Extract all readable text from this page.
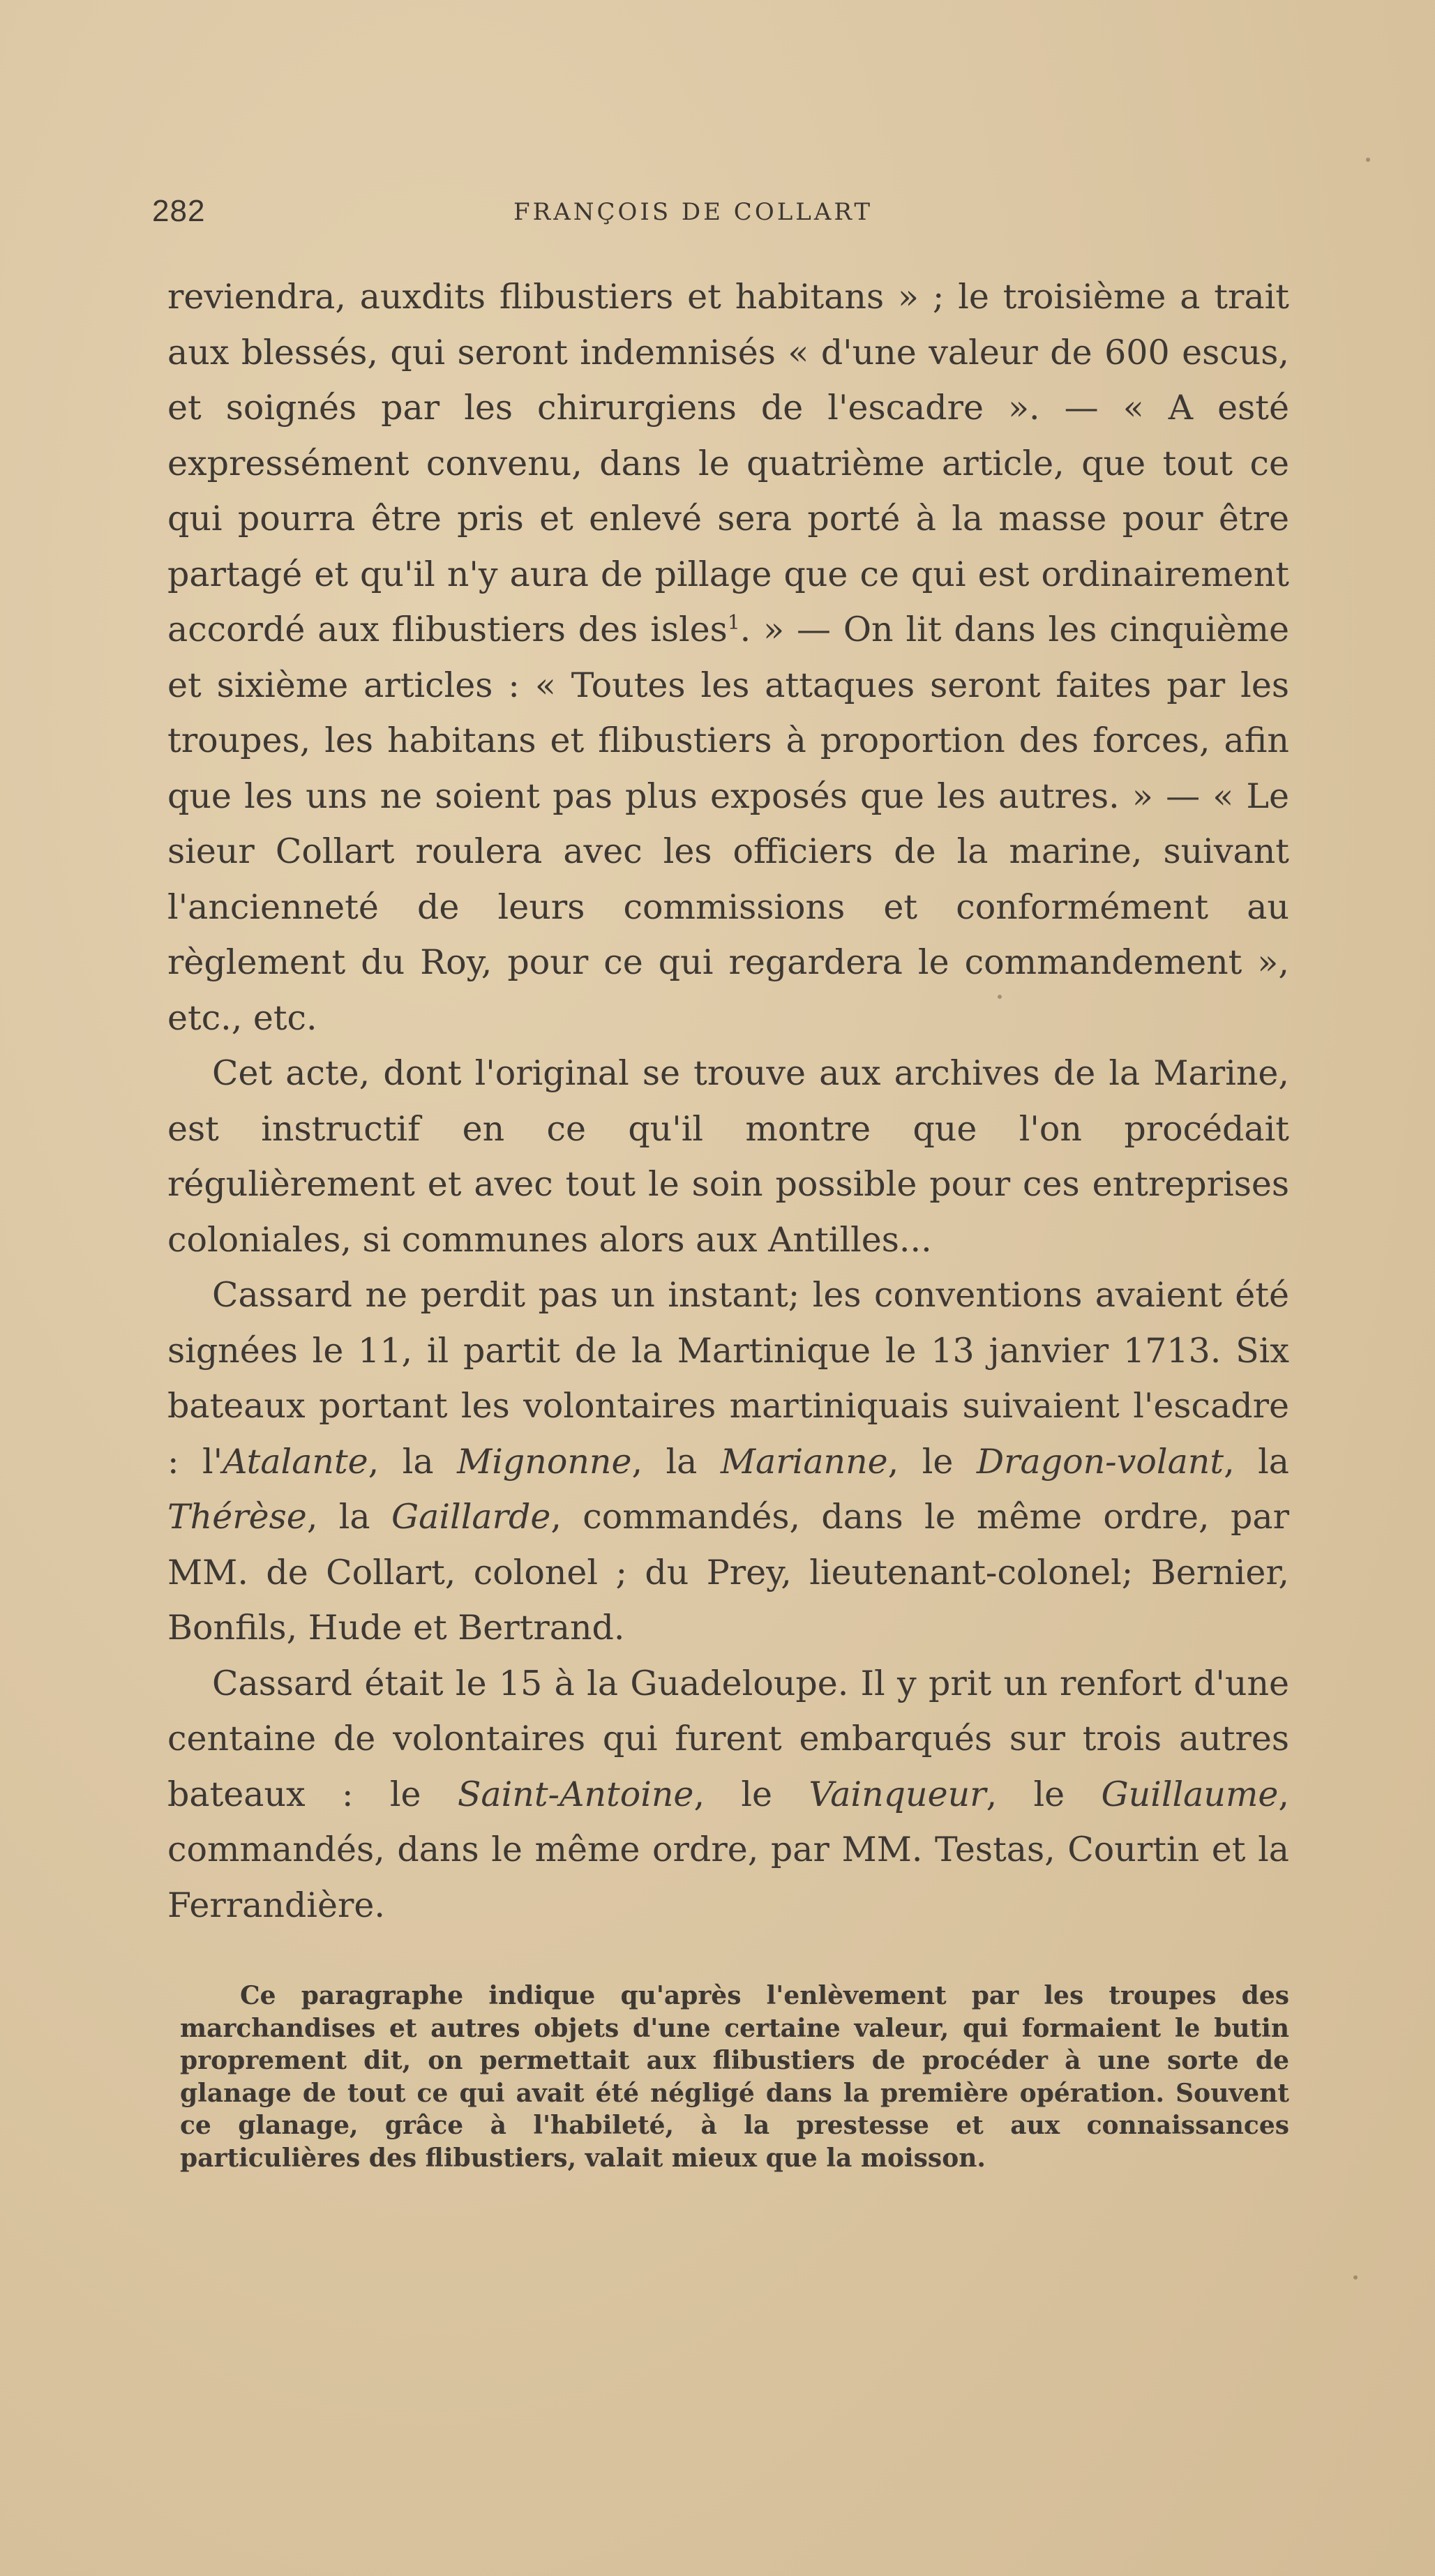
282	FRANÇOIS DE COLLART

reviendra, auxdits flibustiers et habitans » ; le troisième a trait aux blessés, qui seront indemnisés « d'une valeur de 600 escus, et soignés par les chirurgiens de l'escadre ». — « A esté expressément convenu, dans le quatrième article, que tout ce qui pourra être pris et enlevé sera porté à la masse pour être partagé et qu'il n'y aura de pillage que ce qui est ordinairement accordé aux flibustiers des isles$^1$. » — On lit dans les cinquième et sixième articles : « Toutes les attaques seront faites par les troupes, les habitans et flibustiers à proportion des forces, afin que les uns ne soient pas plus exposés que les autres. » — « Le sieur Collart roulera avec les officiers de la marine, suivant l'ancienneté de leurs commissions et conformément au règlement du Roy, pour ce qui regardera le commandement », etc., etc.

Cet acte, dont l'original se trouve aux archives de la Marine, est instructif en ce qu'il montre que l'on procédait régulièrement et avec tout le soin possible pour ces entreprises coloniales, si communes alors aux Antilles...

Cassard ne perdit pas un instant; les conventions avaient été signées le 11, il partit de la Martinique le 13 janvier 1713. Six bateaux portant les volontaires martiniquais suivaient l'escadre : l'Atalante, la Mignonne, la Marianne, le Dragon-volant, la Thérèse, la Gaillarde, commandés, dans le même ordre, par MM. de Collart, colonel ; du Prey, lieutenant-colonel; Bernier, Bonfils, Hude et Bertrand.

Cassard était le 15 à la Guadeloupe. Il y prit un renfort d'une centaine de volontaires qui furent embarqués sur trois autres bateaux : le Saint-Antoine, le Vainqueur, le Guillaume, commandés, dans le même ordre, par MM. Testas, Courtin et la Ferrandière.

Ce paragraphe indique qu'après l'enlèvement par les troupes des marchandises et autres objets d'une certaine valeur, qui formaient le butin proprement dit, on permettait aux flibustiers de procéder à une sorte de glanage de tout ce qui avait été négligé dans la première opération. Souvent ce glanage, grâce à l'habileté, à la prestesse et aux connaissances particulières des flibustiers, valait mieux que la moisson.
